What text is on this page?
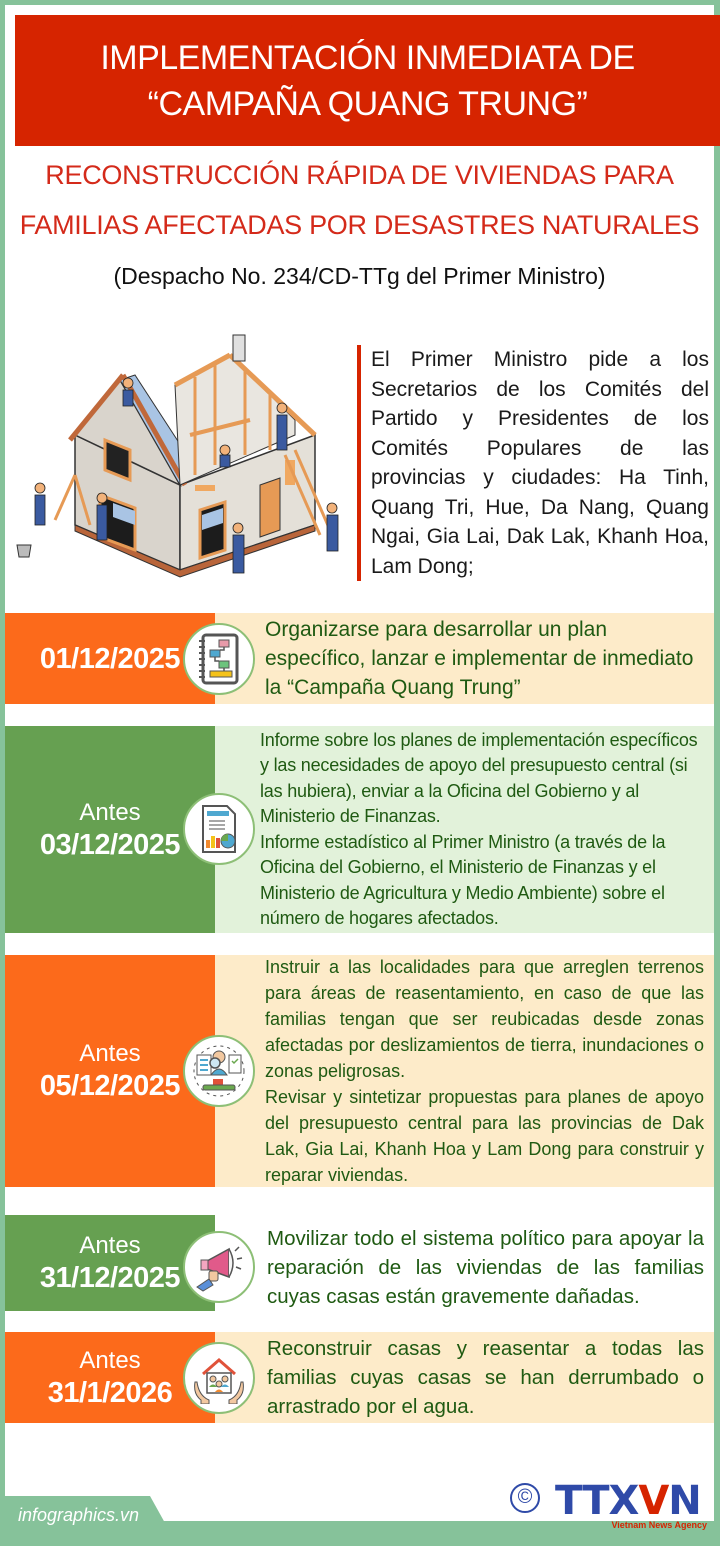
IMPLEMENTACIÓN INMEDIATA DE
“CAMPAÑA QUANG TRUNG”
RECONSTRUCCIÓN RÁPIDA DE VIVIENDAS PARA
FAMILIAS AFECTADAS POR DESASTRES NATURALES
(Despacho No. 234/CD-TTg del Primer Ministro)
El Primer Ministro pide a los Secretarios de los Comités del Partido y Presidentes de los Comités Populares de las provincias y ciudades: Ha Tinh, Quang Tri, Hue, Da Nang, Quang Ngai, Gia Lai, Dak Lak, Khanh Hoa, Lam Dong;
01/12/2025
Organizarse para desarrollar un plan específico, lanzar e implementar de inmediato la “Campaña Quang Trung”
Antes
03/12/2025
Informe sobre los planes de implementación específicos y las necesidades de apoyo del presupuesto central (si las hubiera), enviar a la Oficina del Gobierno y al Ministerio de Finanzas.
Informe estadístico al Primer Ministro (a través de la Oficina del Gobierno, el Ministerio de Finanzas y el Ministerio de Agricultura y Medio Ambiente) sobre el número de hogares afectados.
Antes
05/12/2025
Instruir a las localidades para que arreglen terrenos para áreas de reasentamiento, en caso de que las familias tengan que ser reubicadas desde zonas afectadas por deslizamientos de tierra, inundaciones o zonas peligrosas.
Revisar y sintetizar propuestas para planes de apoyo del presupuesto central para las provincias de Dak Lak, Gia Lai, Khanh Hoa y Lam Dong para construir y reparar viviendas.
Antes
31/12/2025
Movilizar todo el sistema político para apoyar la reparación de las viviendas de las familias cuyas casas están gravemente dañadas.
Antes
31/1/2026
Reconstruir casas y reasentar a todas las familias cuyas casas se han derrumbado o arrastrado por el agua.
© TTXVN
Vietnam News Agency
infographics.vn
